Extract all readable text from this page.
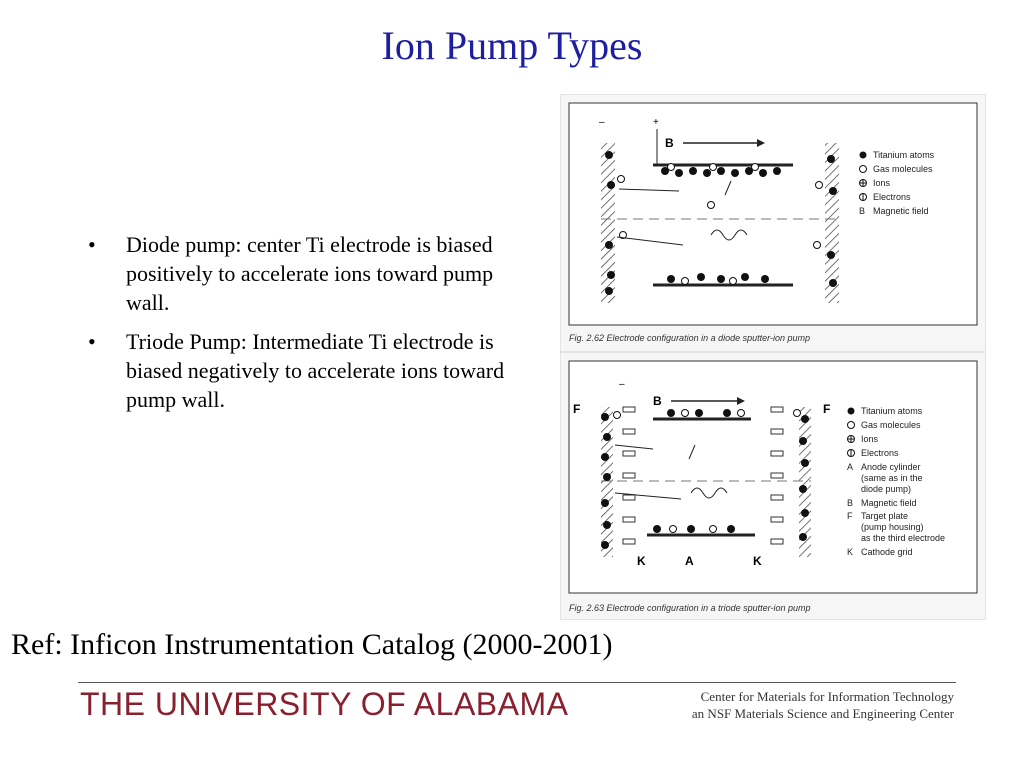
Ion Pump Types
• Diode pump: center Ti electrode is biased positively to accelerate ions toward pump wall.
• Triode Pump: Intermediate Ti electrode is biased negatively to accelerate ions toward pump wall.
–	+
B
Titanium atoms
Gas molecules
Ions
Electrons
B Magnetic field
Fig. 2.62 Electrode configuration in a diode sputter-ion pump
F	F
–
B
K	A	K
Titanium atoms
Gas molecules
Ions
Electrons
A Anode cylinder
(same as in the
diode pump)
B Magnetic field
F Target plate
(pump housing)
as the third electrode
K Cathode grid
Fig. 2.63 Electrode configuration in a triode sputter-ion pump
Ref: Inficon Instrumentation Catalog (2000-2001)
THE UNIVERSITY OF ALABAMA	Center for Materials for Information Technology
an NSF Materials Science and Engineering Center
